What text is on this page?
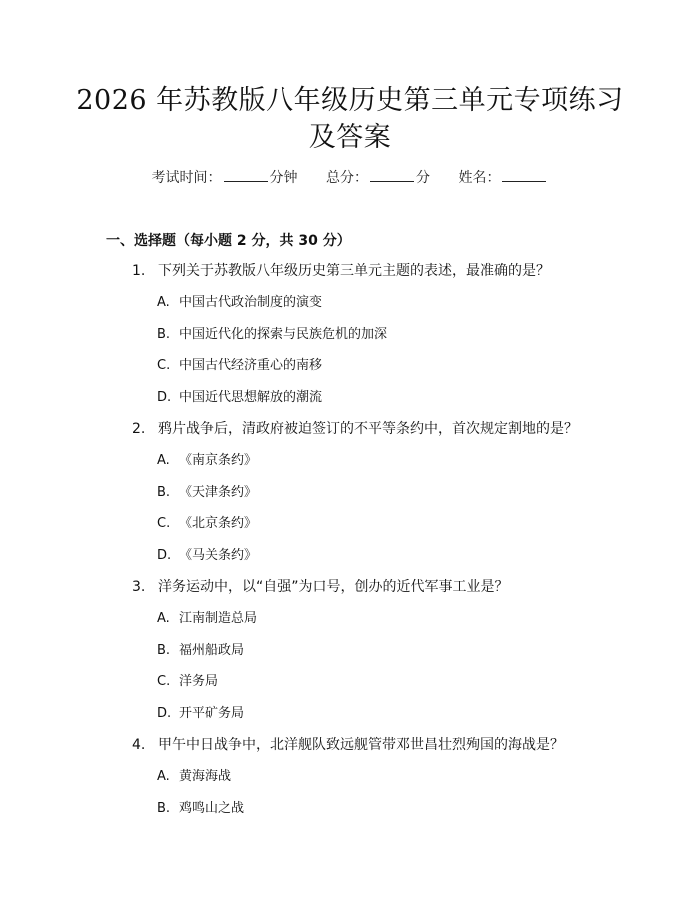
2026 年苏教版八年级历史第三单元专项练习
及答案
考试时间：	分钟 总分：	分 姓名：
一、选择题（每小题 2 分，共 30 分）
1. 下列关于苏教版八年级历史第三单元主题的表述，最准确的是？
A. 中国古代政治制度的演变
B. 中国近代化的探索与民族危机的加深
C. 中国古代经济重心的南移
D. 中国近代思想解放的潮流
2. 鸦片战争后，清政府被迫签订的不平等条约中，首次规定割地的是？
A. 《南京条约》
B. 《天津条约》
C. 《北京条约》
D. 《马关条约》
3. 洋务运动中，以“自强”为口号，创办的近代军事工业是？
A. 江南制造总局
B. 福州船政局
C. 洋务局
D. 开平矿务局
4. 甲午中日战争中，北洋舰队致远舰管带邓世昌壮烈殉国的海战是？
A. 黄海海战
B. 鸡鸣山之战
